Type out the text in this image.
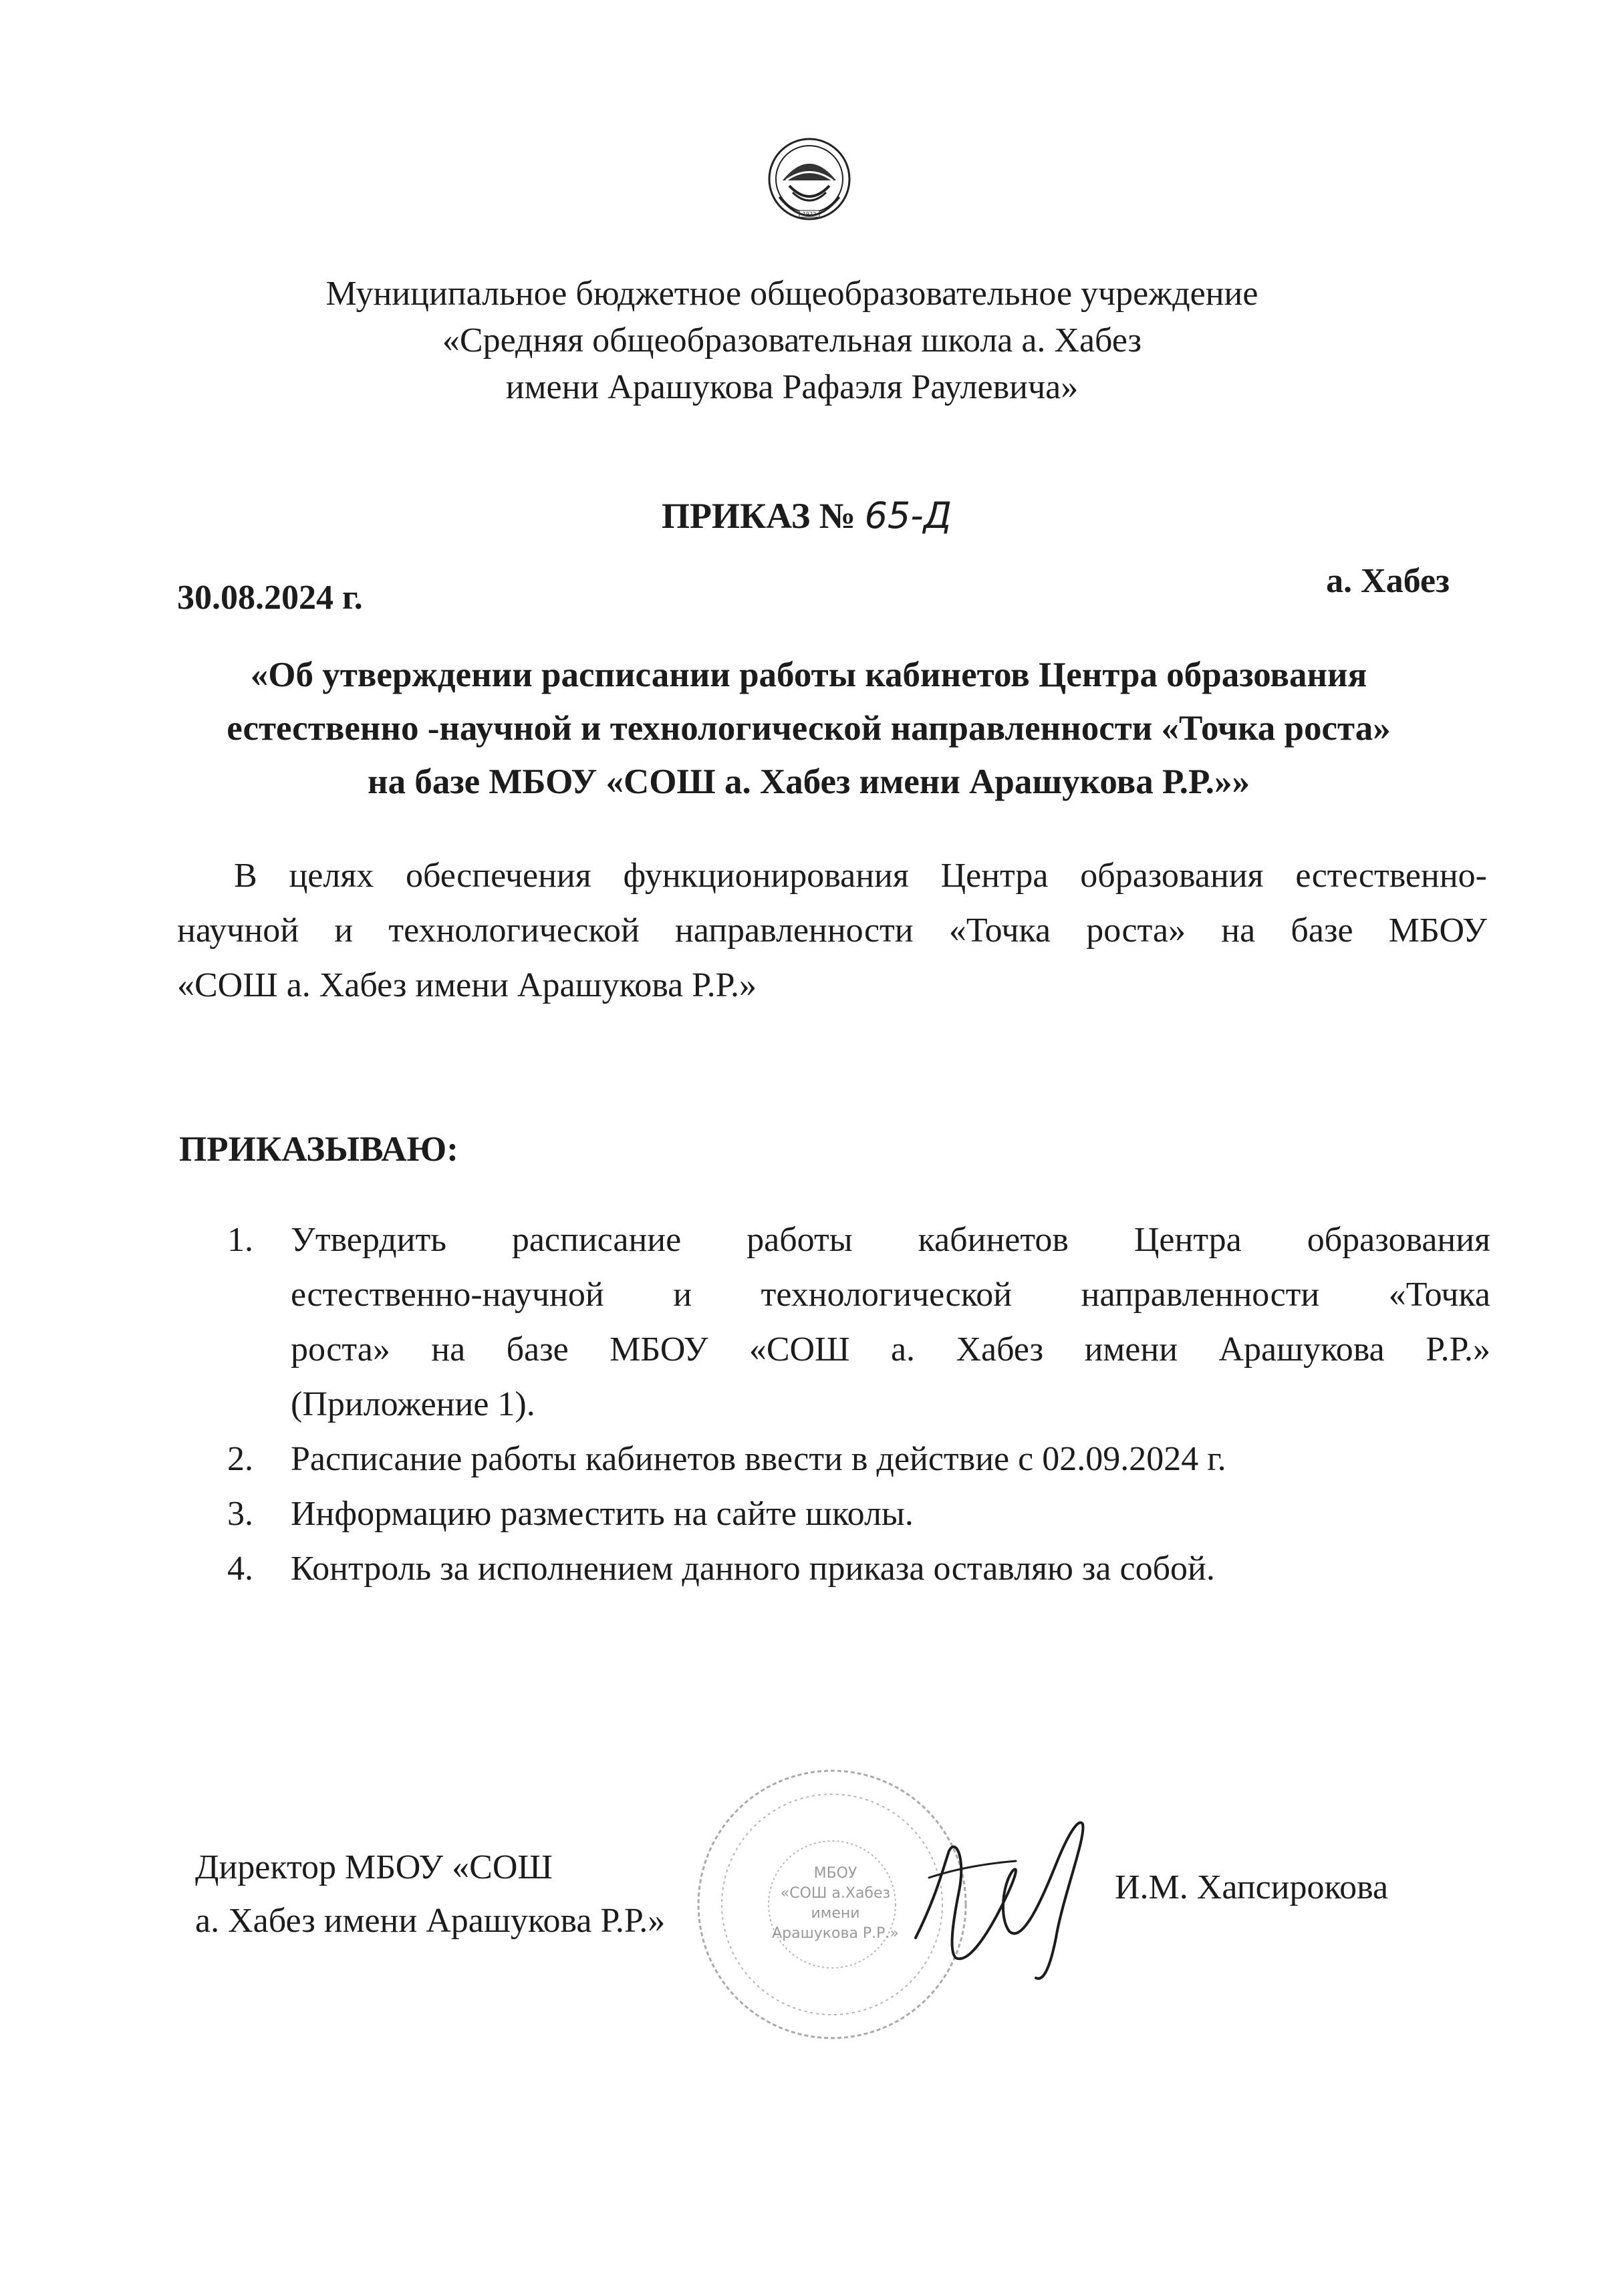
1922
Муниципальное бюджетное общеобразовательное учреждение
«Средняя общеобразовательная школа а. Хабез
имени Арашукова Рафаэля Раулевича»
ПРИКАЗ № 65-Д
30.08.2024 г.	а. Хабез
«Об утверждении расписании работы кабинетов Центра образования
естественно -научной и технологической направленности «Точка роста»
на базе МБОУ «СОШ а. Хабез имени Арашукова Р.Р.»»
В целях обеспечения функционирования Центра образования естественно-
научной и технологической направленности «Точка роста» на базе МБОУ
«СОШ а. Хабез имени Арашукова Р.Р.»
ПРИКАЗЫВАЮ:
1. Утвердить расписание работы кабинетов Центра образования
естественно-научной и технологической направленности «Точка
роста» на базе МБОУ «СОШ а. Хабез имени Арашукова Р.Р.»
(Приложение 1).
2. Расписание работы кабинетов ввести в действие с 02.09.2024 г.
3. Информацию разместить на сайте школы.
4. Контроль за исполнением данного приказа оставляю за собой.
МБОУ
«СОШ а.Хабез
имени
Арашукова Р.Р.»
Директор МБОУ «СОШ
а. Хабез имени Арашукова Р.Р.»
И.М. Хапсирокова
